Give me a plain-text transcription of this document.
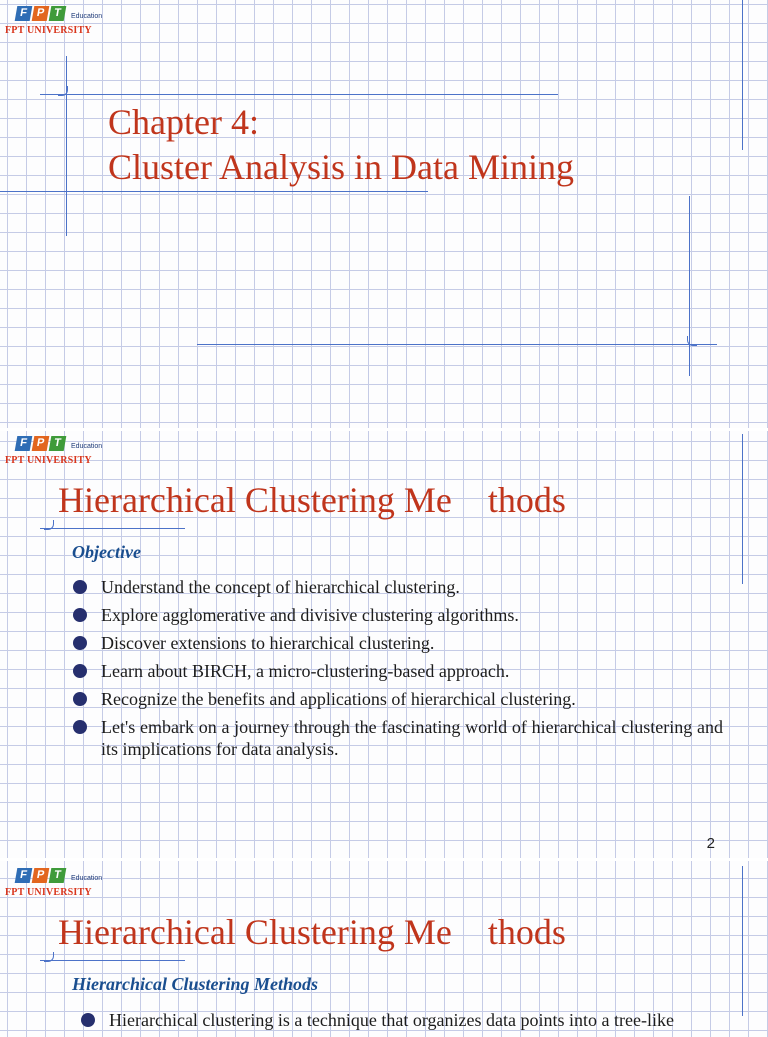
F P T	Education
FPT UNIVERSITY
Chapter 4:
Cluster Analysis in Data Mining
F P T	Education
FPT UNIVERSITY
Hierarchical Clustering Me    thods
Objective
Understand the concept of hierarchical clustering.
Explore agglomerative and divisive clustering algorithms.
Discover extensions to hierarchical clustering.
Learn about BIRCH, a micro-clustering-based approach.
Recognize the benefits and applications of hierarchical clustering.
Let's embark on a journey through the fascinating world of hierarchical clustering and its implications for data analysis.
2
F P T	Education
FPT UNIVERSITY
Hierarchical Clustering Me    thods
Hierarchical Clustering Methods
Hierarchical clustering is a technique that organizes data points into a tree-like
